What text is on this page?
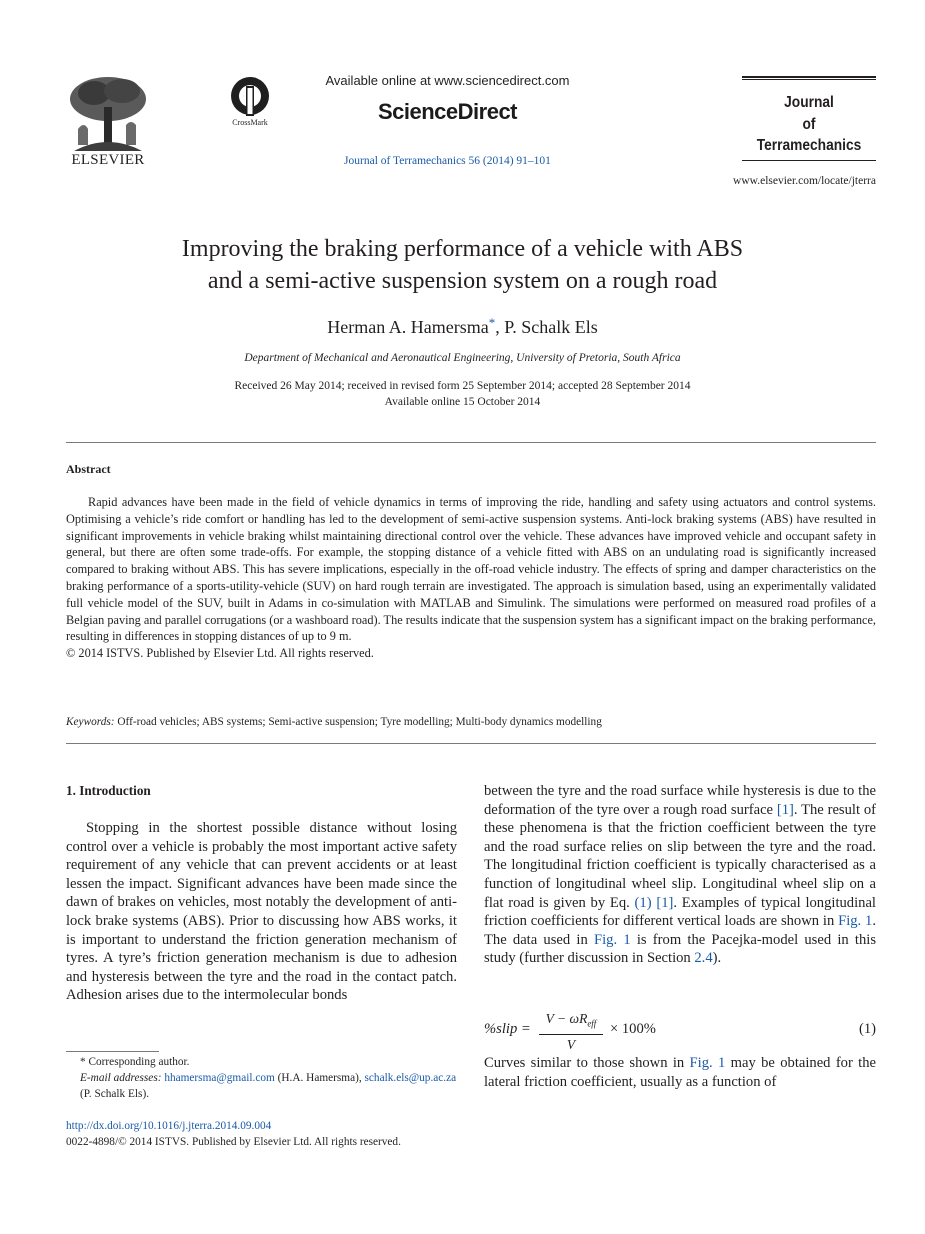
ELSEVIER
CrossMark
Available online at www.sciencedirect.com
ScienceDirect
Journal of Terramechanics 56 (2014) 91–101
Journal
of
Terramechanics
www.elsevier.com/locate/jterra
Improving the braking performance of a vehicle with ABS
and a semi-active suspension system on a rough road
Herman A. Hamersma*, P. Schalk Els
Department of Mechanical and Aeronautical Engineering, University of Pretoria, South Africa
Received 26 May 2014; received in revised form 25 September 2014; accepted 28 September 2014
Available online 15 October 2014
Abstract
Rapid advances have been made in the field of vehicle dynamics in terms of improving the ride, handling and safety using actuators and control systems. Optimising a vehicle’s ride comfort or handling has led to the development of semi-active suspension systems. Anti-lock braking systems (ABS) have resulted in significant improvements in vehicle braking whilst maintaining directional control over the vehicle. These advances have improved vehicle and occupant safety in general, but there are often some trade-offs. For example, the stopping distance of a vehicle fitted with ABS on an undulating road is significantly increased compared to braking without ABS. This has severe implications, especially in the off-road vehicle industry. The effects of spring and damper characteristics on the braking performance of a sports-utility-vehicle (SUV) on hard rough terrain are investigated. The approach is simulation based, using an experimentally validated full vehicle model of the SUV, built in Adams in co-simulation with MATLAB and Simulink. The simulations were performed on measured road profiles of a Belgian paving and parallel corrugations (or a washboard road). The results indicate that the suspension system has a significant impact on the braking performance, resulting in differences in stopping distances of up to 9 m.
© 2014 ISTVS. Published by Elsevier Ltd. All rights reserved.
Keywords: Off-road vehicles; ABS systems; Semi-active suspension; Tyre modelling; Multi-body dynamics modelling

1. Introduction

Stopping in the shortest possible distance without losing control over a vehicle is probably the most important active safety requirement of any vehicle that can prevent accidents or at least lessen the impact. Significant advances have been made since the dawn of brakes on vehicles, most notably the development of anti-lock brake systems (ABS). Prior to discussing how ABS works, it is important to understand the friction generation mechanism of tyres. A tyre’s friction generation mechanism is due to adhesion and hysteresis between the tyre and the road in the contact patch. Adhesion arises due to the intermolecular bonds

between the tyre and the road surface while hysteresis is due to the deformation of the tyre over a rough road surface [1]. The result of these phenomena is that the friction coefficient between the tyre and the road surface relies on slip between the tyre and the road. The longitudinal friction coefficient is typically characterised as a function of longitudinal wheel slip. Longitudinal wheel slip on a flat road is given by Eq. (1) [1]. Examples of typical longitudinal friction coefficients for different vertical loads are shown in Fig. 1. The data used in Fig. 1 is from the Pacejka-model used in this study (further discussion in Section 2.4).

%slip =
$V - \omega R_{eff}$
V
× 100%	(1)

Curves similar to those shown in Fig. 1 may be obtained for the lateral friction coefficient, usually as a function of

* Corresponding author.

E-mail addresses: hhamersma@gmail.com (H.A. Hamersma), schalk.els@up.ac.za (P. Schalk Els).

http://dx.doi.org/10.1016/j.jterra.2014.09.004

0022-4898/© 2014 ISTVS. Published by Elsevier Ltd. All rights reserved.
